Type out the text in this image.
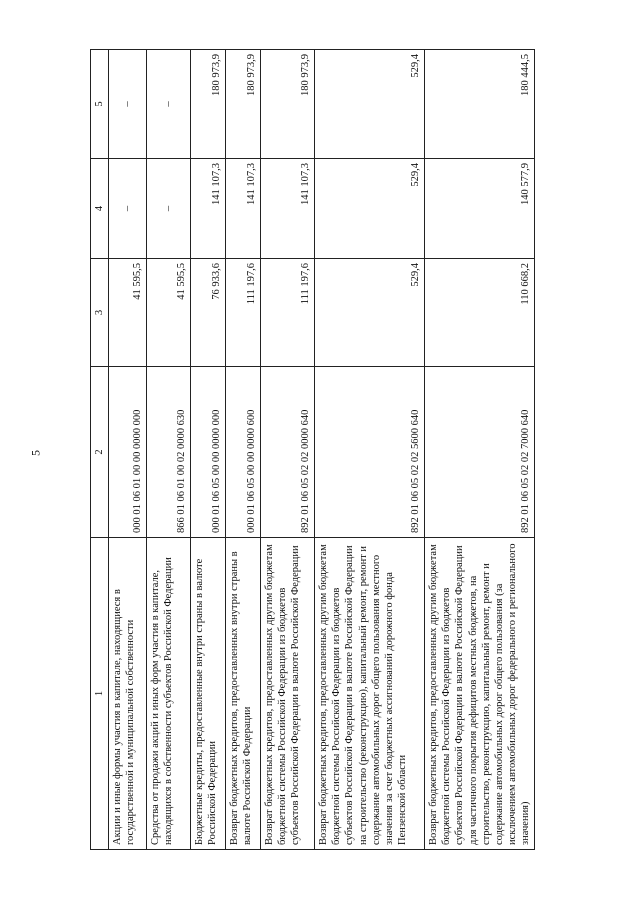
5
1	2	3	4	5
Акции и иные формы участия в капитале, находящиеся в государственной и муниципальной собственности	000 01 06 01 00 00 0000 000	41 595,5	–	–
Средства от продажи акций и иных форм участия в капитале, находящихся в собственности субъектов Российской Федерации	866 01 06 01 00 02 0000 630	41 595,5	–	–
Бюджетные кредиты, предоставленные внутри страны в валюте Российской Федерации	000 01 06 05 00 00 0000 000	76 933,6	141 107,3	180 973,9
Возврат бюджетных кредитов, предоставленных внутри страны в валюте Российской Федерации	000 01 06 05 00 00 0000 600	111 197,6	141 107,3	180 973,9
Возврат бюджетных кредитов, предоставленных другим бюджетам бюджетной системы Российской Федерации из бюджетов субъектов Российской Федерации в валюте Российской Федерации	892 01 06 05 02 02 0000 640	111 197,6	141 107,3	180 973,9
Возврат бюджетных кредитов, предоставленных другим бюджетам бюджетной системы Российской Федерации из бюджетов субъектов Российской Федерации в валюте Российской Федерации на строительство (реконструкцию), капитальный ремонт, ремонт и содержание автомобильных дорог общего пользования местного значения за счет бюджетных ассигнований дорожного фонда Пензенской области	892 01 06 05 02 02 5600 640	529,4	529,4	529,4
Возврат бюджетных кредитов, предоставленных другим бюджетам бюджетной системы Российской Федерации из бюджетов субъектов Российской Федерации в валюте Российской Федерации для частичного покрытия дефицитов местных бюджетов, на строительство, реконструкцию, капитальный ремонт, ремонт и содержание автомобильных дорог общего пользования (за исключением автомобильных дорог федерального и регионального значения)	892 01 06 05 02 02 7000 640	110 668,2	140 577,9	180 444,5
